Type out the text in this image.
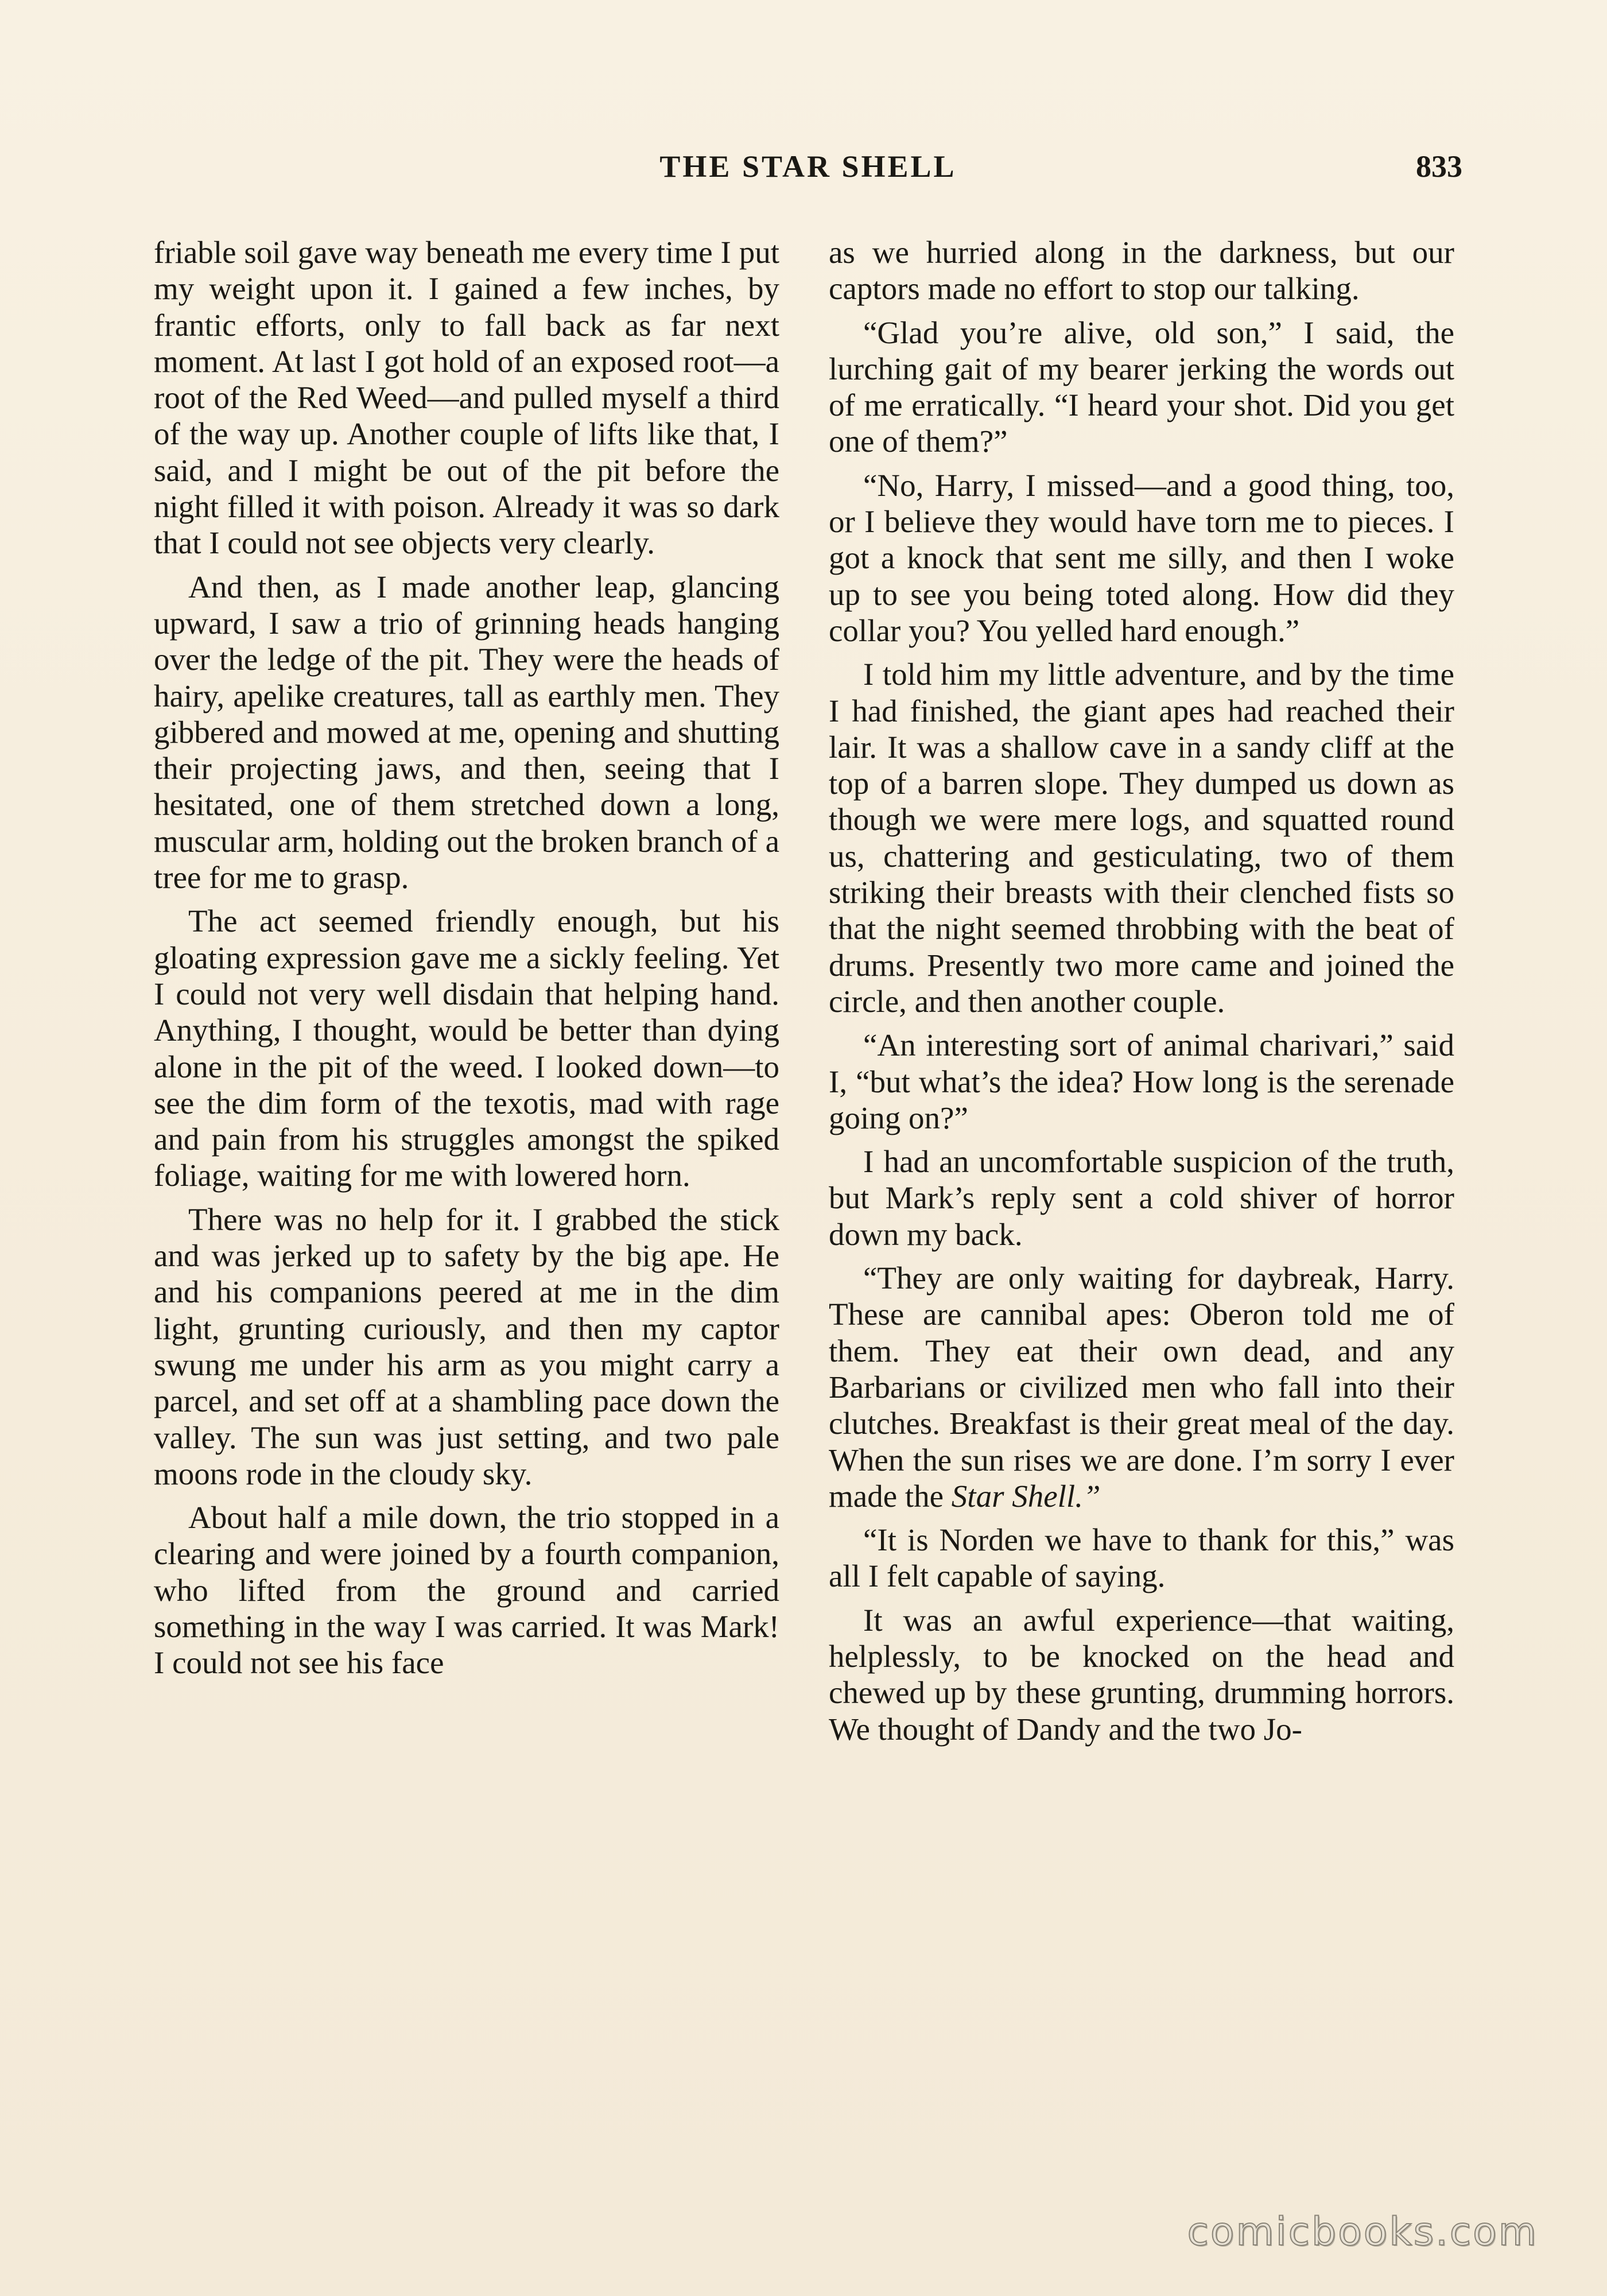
THE STAR SHELL	833

friable soil gave way beneath me every time I put my weight upon it. I gained a few inches, by frantic efforts, only to fall back as far next moment. At last I got hold of an exposed root—a root of the Red Weed—and pulled myself a third of the way up. Another couple of lifts like that, I said, and I might be out of the pit before the night filled it with poison. Already it was so dark that I could not see objects very clearly.

And then, as I made another leap, glancing upward, I saw a trio of grinning heads hanging over the ledge of the pit. They were the heads of hairy, apelike creatures, tall as earthly men. They gibbered and mowed at me, opening and shutting their projecting jaws, and then, seeing that I hesitated, one of them stretched down a long, muscular arm, holding out the broken branch of a tree for me to grasp.

The act seemed friendly enough, but his gloating expression gave me a sickly feeling. Yet I could not very well disdain that helping hand. Anything, I thought, would be better than dying alone in the pit of the weed. I looked down—to see the dim form of the texotis, mad with rage and pain from his struggles amongst the spiked foliage, waiting for me with lowered horn.

There was no help for it. I grabbed the stick and was jerked up to safety by the big ape. He and his companions peered at me in the dim light, grunting curiously, and then my captor swung me under his arm as you might carry a parcel, and set off at a shambling pace down the valley. The sun was just setting, and two pale moons rode in the cloudy sky.

About half a mile down, the trio stopped in a clearing and were joined by a fourth companion, who lifted from the ground and carried something in the way I was carried. It was Mark! I could not see his face

as we hurried along in the darkness, but our captors made no effort to stop our talking.

“Glad you’re alive, old son,” I said, the lurching gait of my bearer jerking the words out of me erratically. “I heard your shot. Did you get one of them?”

“No, Harry, I missed—and a good thing, too, or I believe they would have torn me to pieces. I got a knock that sent me silly, and then I woke up to see you being toted along. How did they collar you? You yelled hard enough.”

I told him my little adventure, and by the time I had finished, the giant apes had reached their lair. It was a shallow cave in a sandy cliff at the top of a barren slope. They dumped us down as though we were mere logs, and squatted round us, chattering and gesticulating, two of them striking their breasts with their clenched fists so that the night seemed throbbing with the beat of drums. Presently two more came and joined the circle, and then another couple.

“An interesting sort of animal charivari,” said I, “but what’s the idea? How long is the serenade going on?”

I had an uncomfortable suspicion of the truth, but Mark’s reply sent a cold shiver of horror down my back.

“They are only waiting for daybreak, Harry. These are cannibal apes: Oberon told me of them. They eat their own dead, and any Barbarians or civilized men who fall into their clutches. Breakfast is their great meal of the day. When the sun rises we are done. I’m sorry I ever made the Star Shell.”

“It is Norden we have to thank for this,” was all I felt capable of saying.

It was an awful experience—that waiting, helplessly, to be knocked on the head and chewed up by these grunting, drumming horrors. We thought of Dandy and the two Jo-

comicbooks.com
